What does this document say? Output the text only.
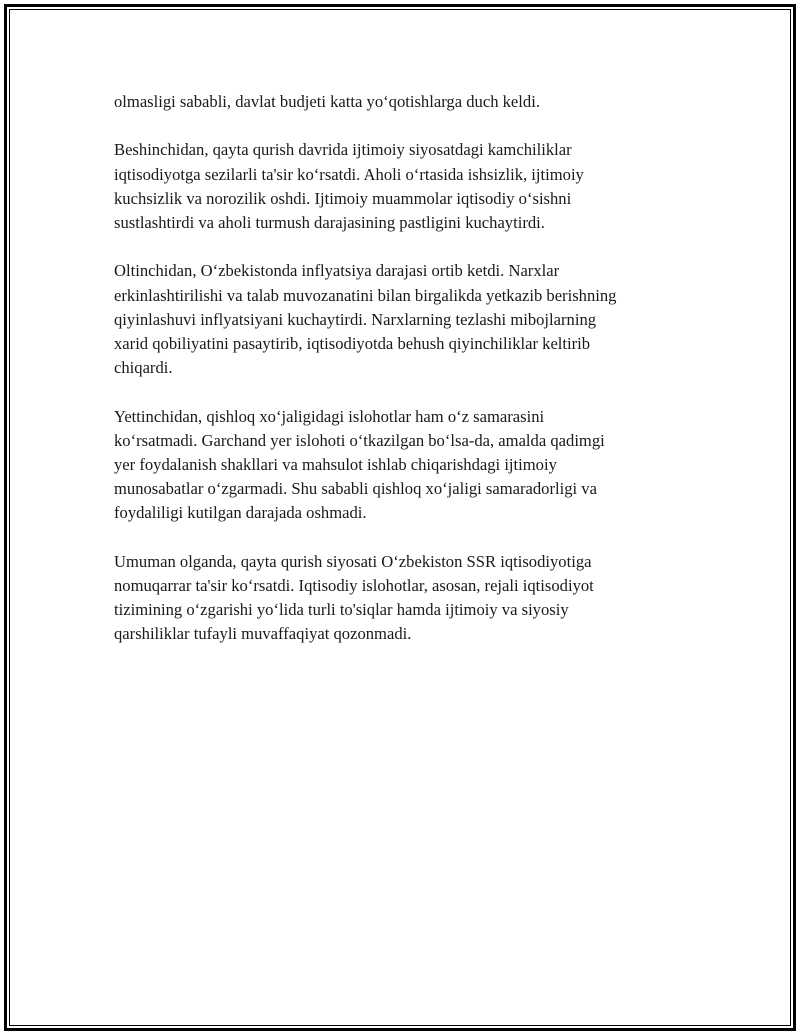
olmasligi sababli, davlat budjeti katta yo‘qotishlarga duch keldi.

Beshinchidan, qayta qurish davrida ijtimoiy siyosatdagi kamchiliklar
iqtisodiyotga sezilarli ta'sir ko‘rsatdi. Aholi o‘rtasida ishsizlik, ijtimoiy
kuchsizlik va norozilik oshdi. Ijtimoiy muammolar iqtisodiy o‘sishni
sustlashtirdi va aholi turmush darajasining pastligini kuchaytirdi.

Oltinchidan, O‘zbekistonda inflyatsiya darajasi ortib ketdi. Narxlar
erkinlashtirilishi va talab muvozanatini bilan birgalikda yetkazib berishning
qiyinlashuvi inflyatsiyani kuchaytirdi. Narxlarning tezlashi mibojlarning
xarid qobiliyatini pasaytirib, iqtisodiyotda behush qiyinchiliklar keltirib
chiqardi.

Yettinchidan, qishloq xo‘jaligidagi islohotlar ham o‘z samarasini
ko‘rsatmadi. Garchand yer islohoti o‘tkazilgan bo‘lsa-da, amalda qadimgi
yer foydalanish shakllari va mahsulot ishlab chiqarishdagi ijtimoiy
munosabatlar o‘zgarmadi. Shu sababli qishloq xo‘jaligi samaradorligi va
foydaliligi kutilgan darajada oshmadi.

Umuman olganda, qayta qurish siyosati O‘zbekiston SSR iqtisodiyotiga
nomuqarrar ta'sir ko‘rsatdi. Iqtisodiy islohotlar, asosan, rejali iqtisodiyot
tizimining o‘zgarishi yo‘lida turli to'siqlar hamda ijtimoiy va siyosiy
qarshiliklar tufayli muvaffaqiyat qozonmadi.
